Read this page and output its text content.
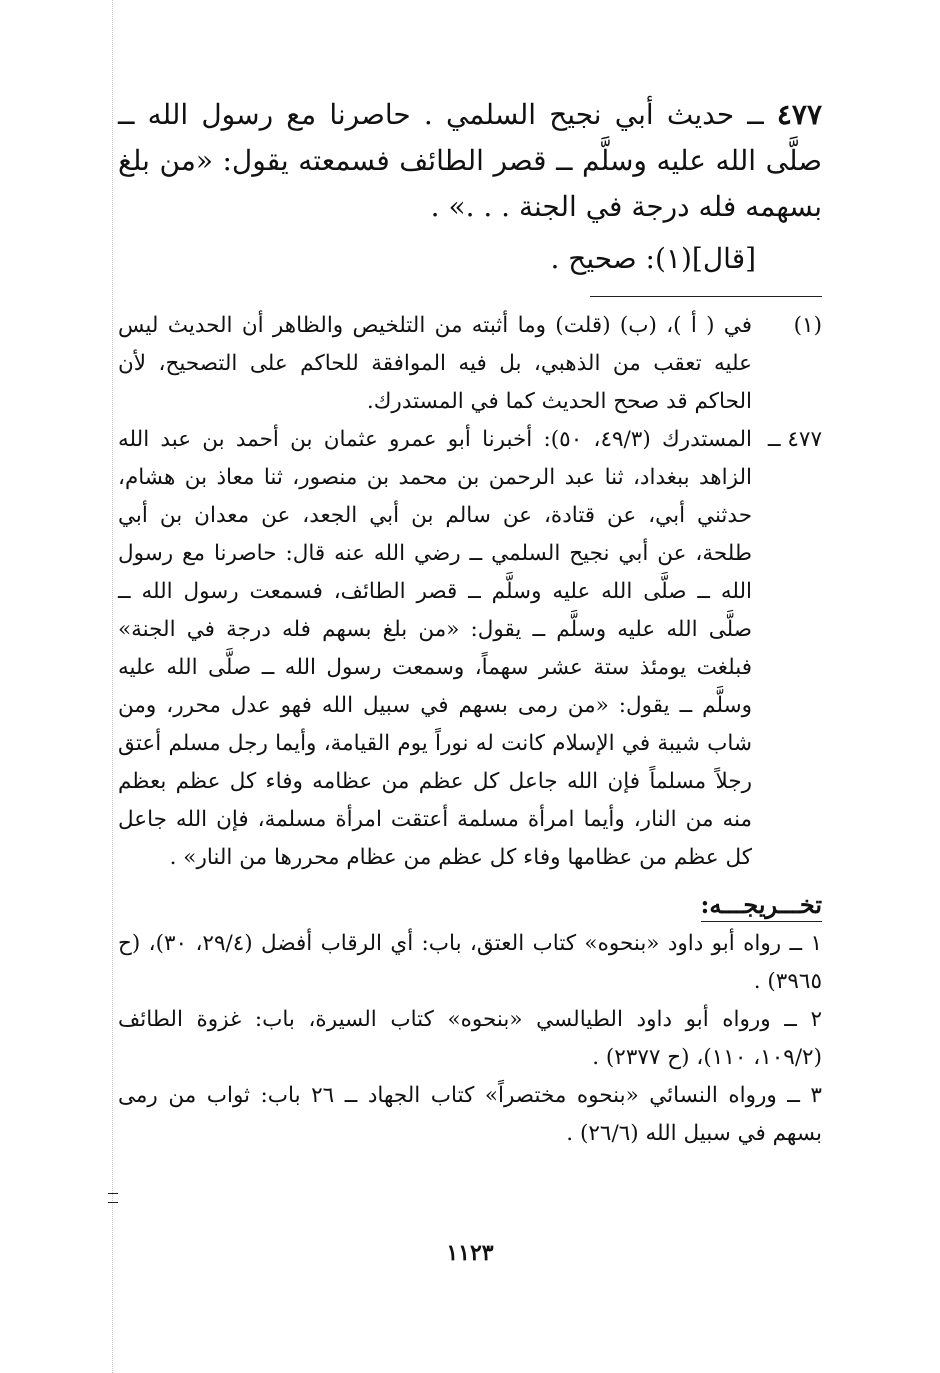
٤٧٧ ــ حديث أبي نجيح السلمي . حاصرنا مع رسول الله ــ صلَّى الله عليه وسلَّم ــ قصر الطائف فسمعته يقول: «من بلغ بسهمه فله درجة في الجنة . . .» .

[قال](١): صحيح .

(١)
في ( أ )، (ب) (قلت) وما أثبته من التلخيص والظاهر أن الحديث ليس عليه تعقب من الذهبي، بل فيه الموافقة للحاكم على التصحيح، لأن الحاكم قد صحح الحديث كما في المستدرك.
٤٧٧ ــ
المستدرك (٤٩/٣، ٥٠): أخبرنا أبو عمرو عثمان بن أحمد بن عبد الله الزاهد ببغداد، ثنا عبد الرحمن بن محمد بن منصور، ثنا معاذ بن هشام، حدثني أبي، عن قتادة، عن سالم بن أبي الجعد، عن معدان بن أبي طلحة، عن أبي نجيح السلمي ــ رضي الله عنه قال: حاصرنا مع رسول الله ــ صلَّى الله عليه وسلَّم ــ قصر الطائف، فسمعت رسول الله ــ صلَّى الله عليه وسلَّم ــ يقول: «من بلغ بسهم فله درجة في الجنة» فبلغت يومئذ ستة عشر سهماً، وسمعت رسول الله ــ صلَّى الله عليه وسلَّم ــ يقول: «من رمى بسهم في سبيل الله فهو عدل محرر، ومن شاب شيبة في الإسلام كانت له نوراً يوم القيامة، وأيما رجل مسلم أعتق رجلاً مسلماً فإن الله جاعل كل عظم من عظامه وفاء كل عظم بعظم منه من النار، وأيما امرأة مسلمة أعتقت امرأة مسلمة، فإن الله جاعل كل عظم من عظامها وفاء كل عظم من عظام محررها من النار» .
تخـــريجـــه:

١ ــ رواه أبو داود «بنحوه» كتاب العتق، باب: أي الرقاب أفضل (٢٩/٤، ٣٠)، (ح ٣٩٦٥) .

٢ ــ ورواه أبو داود الطيالسي «بنحوه» كتاب السيرة، باب: غزوة الطائف (١٠٩/٢، ١١٠)، (ح ٢٣٧٧) .

٣ ــ ورواه النسائي «بنحوه مختصراً» كتاب الجهاد ــ ٢٦ باب: ثواب من رمى بسهم في سبيل الله (٢٦/٦) .

١١٢٣
